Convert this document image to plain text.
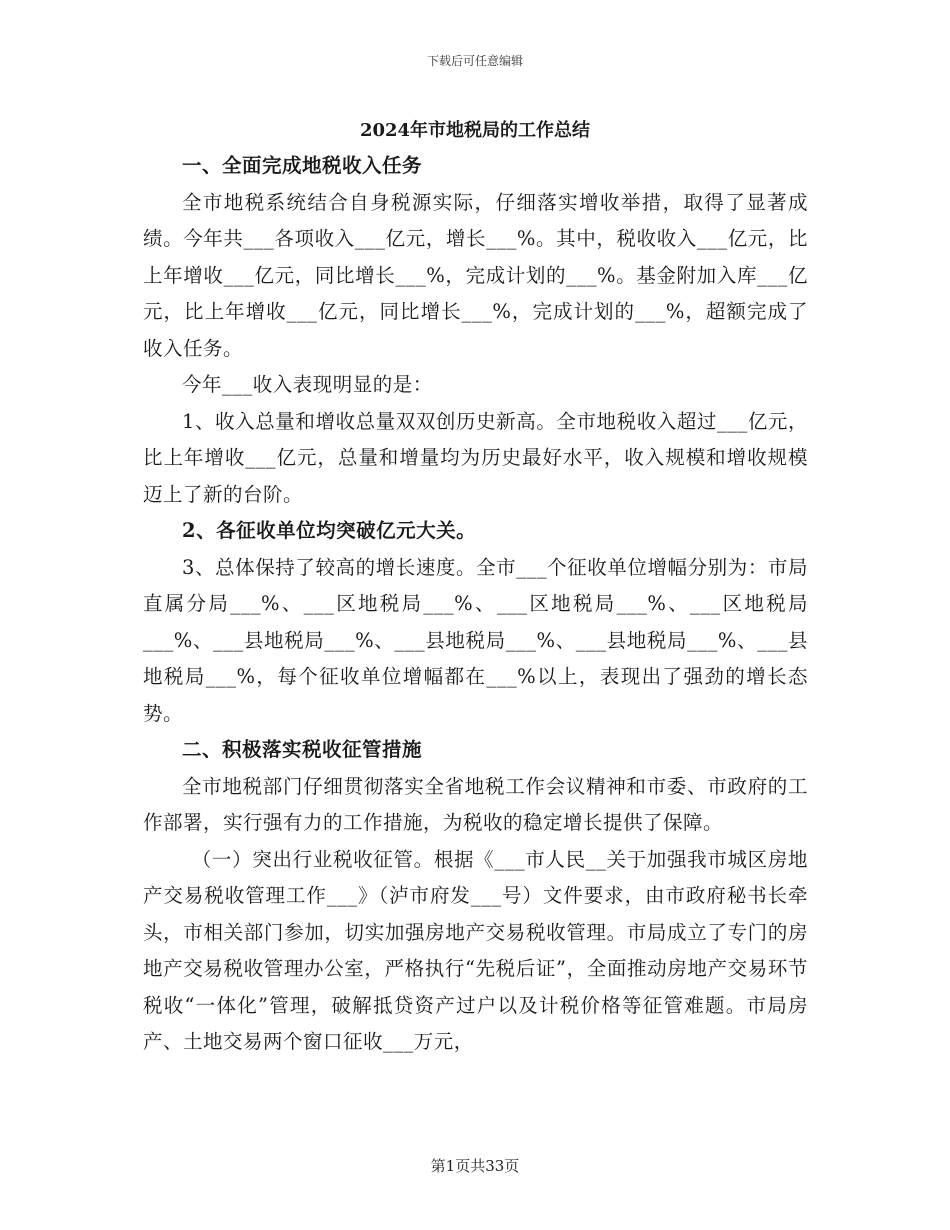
下载后可任意编辑
2024年市地税局的工作总结

一、全面完成地税收入任务

全市地税系统结合自身税源实际，仔细落实增收举措，取得了显著成绩。今年共___各项收入___亿元，增长___%。其中，税收收入___亿元，比上年增收___亿元，同比增长___%，完成计划的___%。基金附加入库___亿元，比上年增收___亿元，同比增长___%，完成计划的___%，超额完成了收入任务。

今年___收入表现明显的是：

1、收入总量和增收总量双双创历史新高。全市地税收入超过___亿元，比上年增收___亿元，总量和增量均为历史最好水平，收入规模和增收规模迈上了新的台阶。

2、各征收单位均突破亿元大关。

3、总体保持了较高的增长速度。全市___个征收单位增幅分别为：市局直属分局___%、___区地税局___%、___区地税局___%、___区地税局___%、___县地税局___%、___县地税局___%、___县地税局___%、___县地税局___%，每个征收单位增幅都在___%以上，表现出了强劲的增长态势。

二、积极落实税收征管措施

全市地税部门仔细贯彻落实全省地税工作会议精神和市委、市政府的工作部署，实行强有力的工作措施，为税收的稳定增长提供了保障。

（一）突出行业税收征管。根据《___市人民__关于加强我市城区房地产交易税收管理工作___》（泸市府发___号）文件要求，由市政府秘书长牵头，市相关部门参加，切实加强房地产交易税收管理。市局成立了专门的房地产交易税收管理办公室，严格执行“先税后证”，全面推动房地产交易环节税收“一体化”管理，破解抵贷资产过户以及计税价格等征管难题。市局房产、土地交易两个窗口征收___万元，

第1页共33页
